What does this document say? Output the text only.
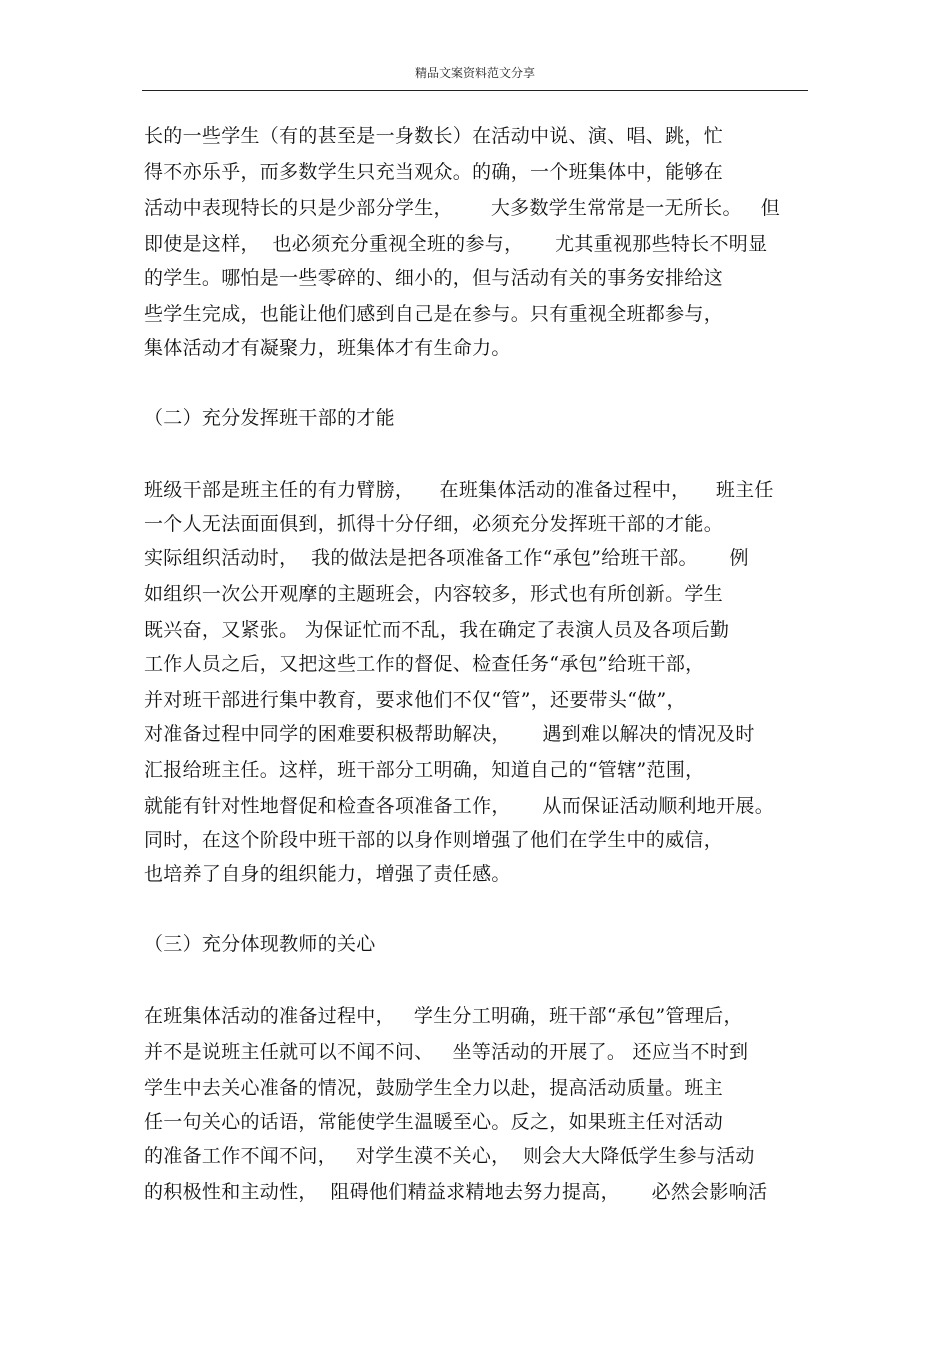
精品文案资料范文分享
长的一些学生（有的甚至是一身数长）在活动中说、演、唱、跳，忙
得不亦乐乎，而多数学生只充当观众。的确，一个班集体中，能够在
活动中表现特长的只是少部分学生，      大多数学生常常是一无所长。   但
即使是这样，  也必须充分重视全班的参与，     尤其重视那些特长不明显
的学生。哪怕是一些零碎的、细小的，但与活动有关的事务安排给这
些学生完成，也能让他们感到自己是在参与。只有重视全班都参与，
集体活动才有凝聚力，班集体才有生命力。
（二）充分发挥班干部的才能
班级干部是班主任的有力臂膀，    在班集体活动的准备过程中，    班主任
一个人无法面面俱到，抓得十分仔细，必须充分发挥班干部的才能。
实际组织活动时，  我的做法是把各项准备工作“承包”给班干部。     例
如组织一次公开观摩的主题班会，内容较多，形式也有所创新。学生
既兴奋，又紧张。 为保证忙而不乱，我在确定了表演人员及各项后勤
工作人员之后，又把这些工作的督促、检查任务“承包”给班干部，
并对班干部进行集中教育，要求他们不仅“管”，还要带头“做”，
对准备过程中同学的困难要积极帮助解决，     遇到难以解决的情况及时
汇报给班主任。这样，班干部分工明确，知道自己的“管辖”范围，
就能有针对性地督促和检查各项准备工作，     从而保证活动顺利地开展。
同时，在这个阶段中班干部的以身作则增强了他们在学生中的威信，
也培养了自身的组织能力，增强了责任感。
（三）充分体现教师的关心
在班集体活动的准备过程中，   学生分工明确，班干部“承包”管理后，
并不是说班主任就可以不闻不问、   坐等活动的开展了。 还应当不时到
学生中去关心准备的情况，鼓励学生全力以赴，提高活动质量。班主
任一句关心的话语，常能使学生温暖至心。反之，如果班主任对活动
的准备工作不闻不问，   对学生漠不关心，  则会大大降低学生参与活动
的积极性和主动性，  阻碍他们精益求精地去努力提高，     必然会影响活
